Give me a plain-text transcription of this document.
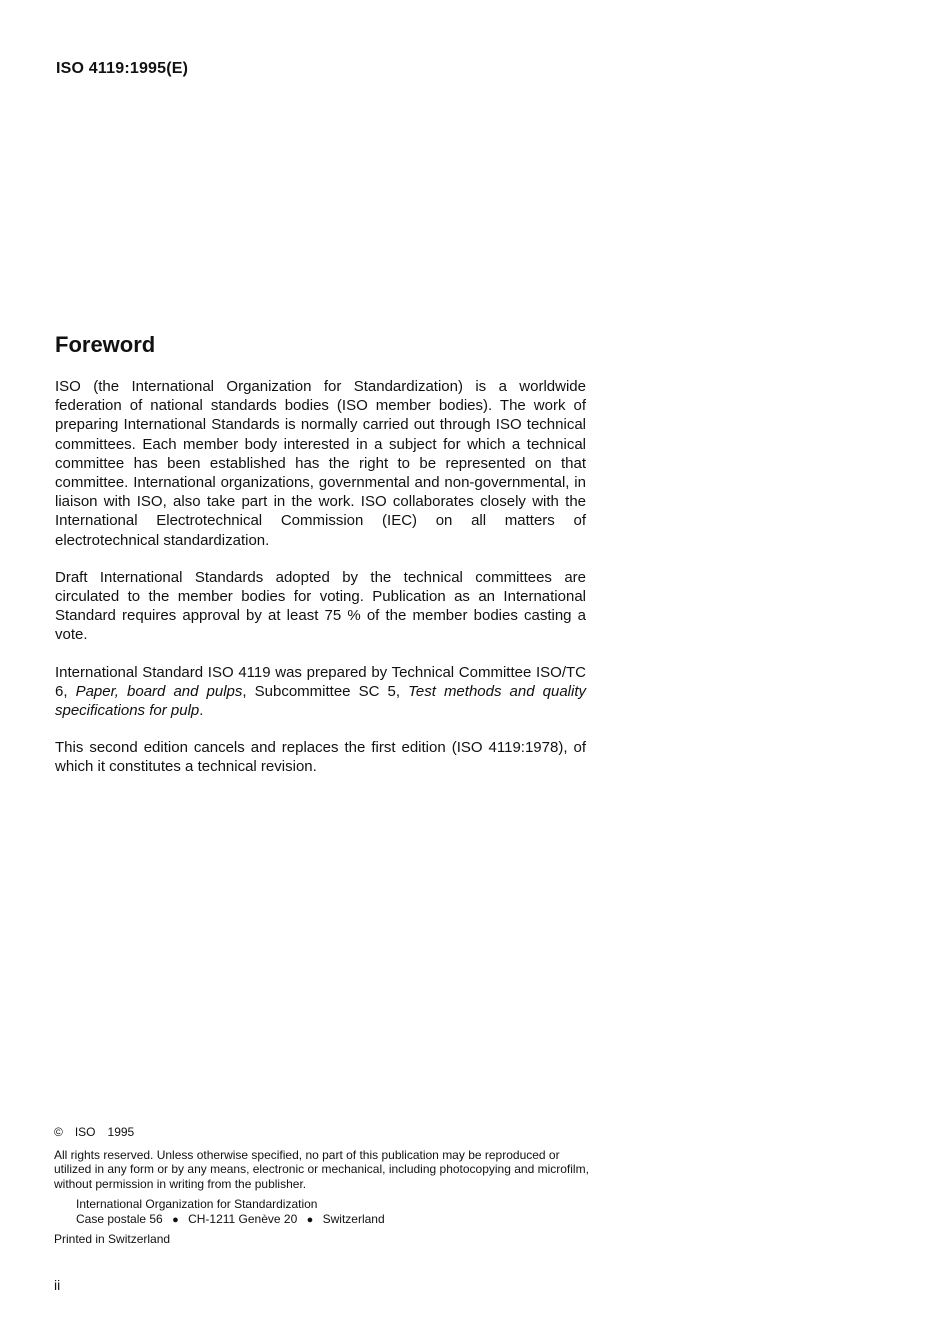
ISO 4119:1995(E)
Foreword

ISO (the International Organization for Standardization) is a worldwide federation of national standards bodies (ISO member bodies). The work of preparing International Standards is normally carried out through ISO technical committees. Each member body interested in a subject for which a technical committee has been established has the right to be represented on that committee. International organizations, governmental and non-governmental, in liaison with ISO, also take part in the work. ISO collaborates closely with the International Electrotechnical Commission (IEC) on all matters of electrotechnical standardization.

Draft International Standards adopted by the technical committees are circulated to the member bodies for voting. Publication as an International Standard requires approval by at least 75 % of the member bodies casting a vote.

International Standard ISO 4119 was prepared by Technical Committee ISO/TC 6, Paper, board and pulps, Subcommittee SC 5, Test methods and quality specifications for pulp.

This second edition cancels and replaces the first edition (ISO 4119:1978), of which it constitutes a technical revision.

© ISO 1995
All rights reserved. Unless otherwise specified, no part of this publication may be reproduced or utilized in any form or by any means, electronic or mechanical, including photocopying and microfilm, without permission in writing from the publisher.
International Organization for Standardization
Case postale 56 ● CH-1211 Genève 20 ● Switzerland
Printed in Switzerland
ii
